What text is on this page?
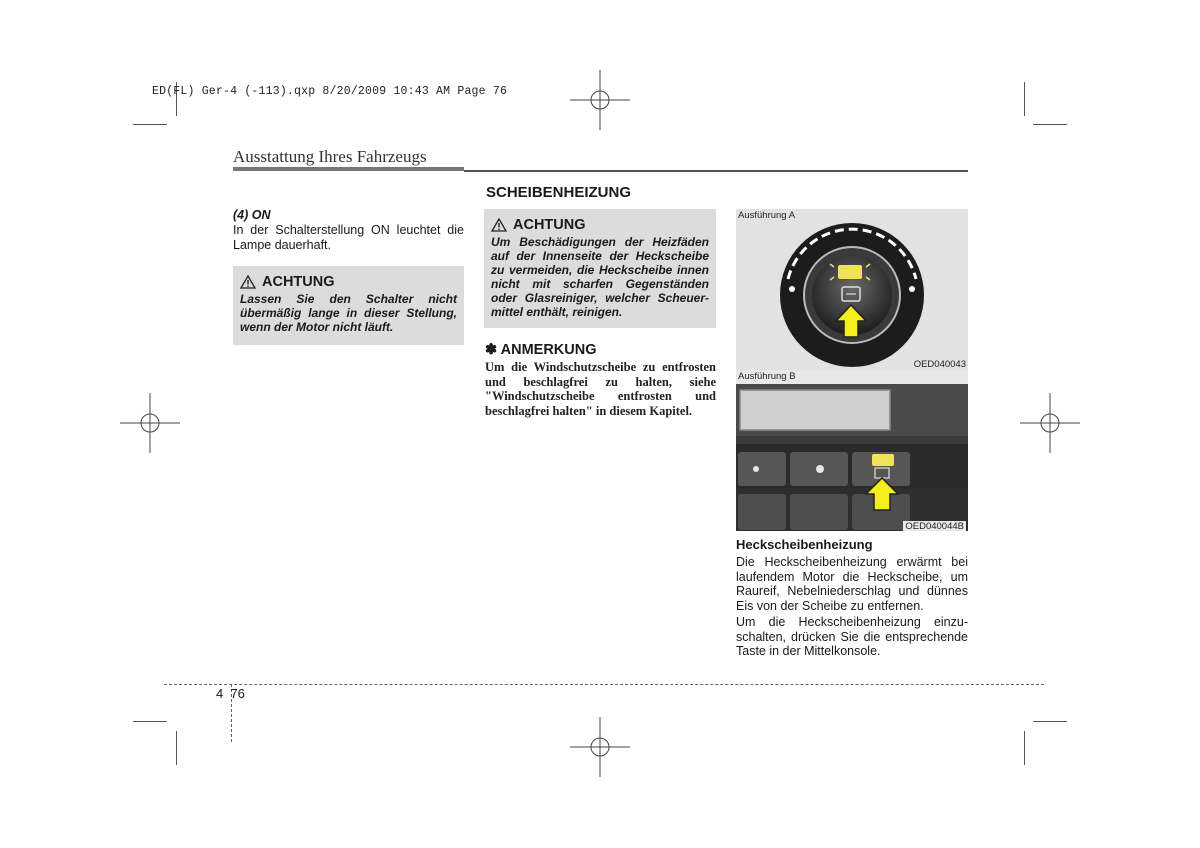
ED(FL) Ger-4 (-113).qxp 8/20/2009 10:43 AM Page 76
Ausstattung Ihres Fahrzeugs
(4) ON
In der Schalterstellung ON leuchtet die Lampe dauerhaft.
ACHTUNG
Lassen Sie den Schalter nicht übermäßig lange in dieser Stellung, wenn der Motor nicht läuft.
SCHEIBENHEIZUNG
ACHTUNG
Um Beschädigungen der Heizfäden auf der Innenseite der Heckscheibe zu vermeiden, die Heckscheibe innen nicht mit scharfen Gegenständen oder Glasreiniger, welcher Scheuer-mittel enthält, reinigen.
✽ ANMERKUNG
Um die Windschutzscheibe zu entfrosten und beschlagfrei zu halten, siehe "Windschutzscheibe entfrosten und beschlagfrei halten" in diesem Kapitel.
Ausführung A
OED040043
Ausführung B
OED040044B
Heckscheibenheizung

Die Heckscheibenheizung erwärmt bei laufendem Motor die Heckscheibe, um Raureif, Nebelniederschlag und dünnes Eis von der Scheibe zu entfernen.

Um die Heckscheibenheizung einzu-schalten, drücken Sie die entsprechende Taste in der Mittelkonsole.

4  76
